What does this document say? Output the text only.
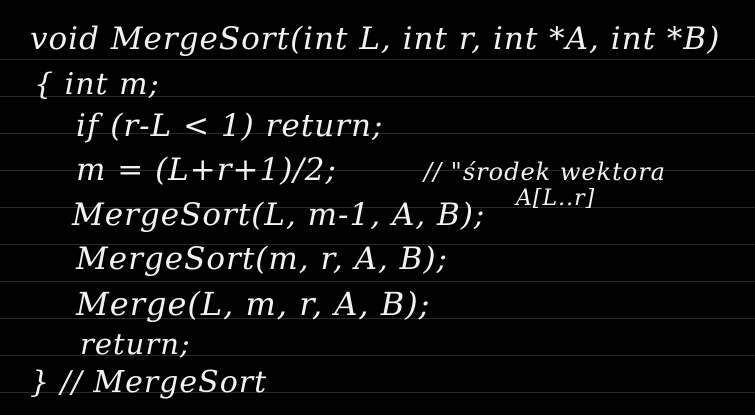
void MergeSort(int L, int r, int *A, int *B)
{ int m;
if (r-L < 1) return;
m = (L+r+1)/2;	// "środek wektora
A[L..r]
MergeSort(L, m-1, A, B);
MergeSort(m, r, A, B);
Merge(L, m, r, A, B);
return;
} // MergeSort
